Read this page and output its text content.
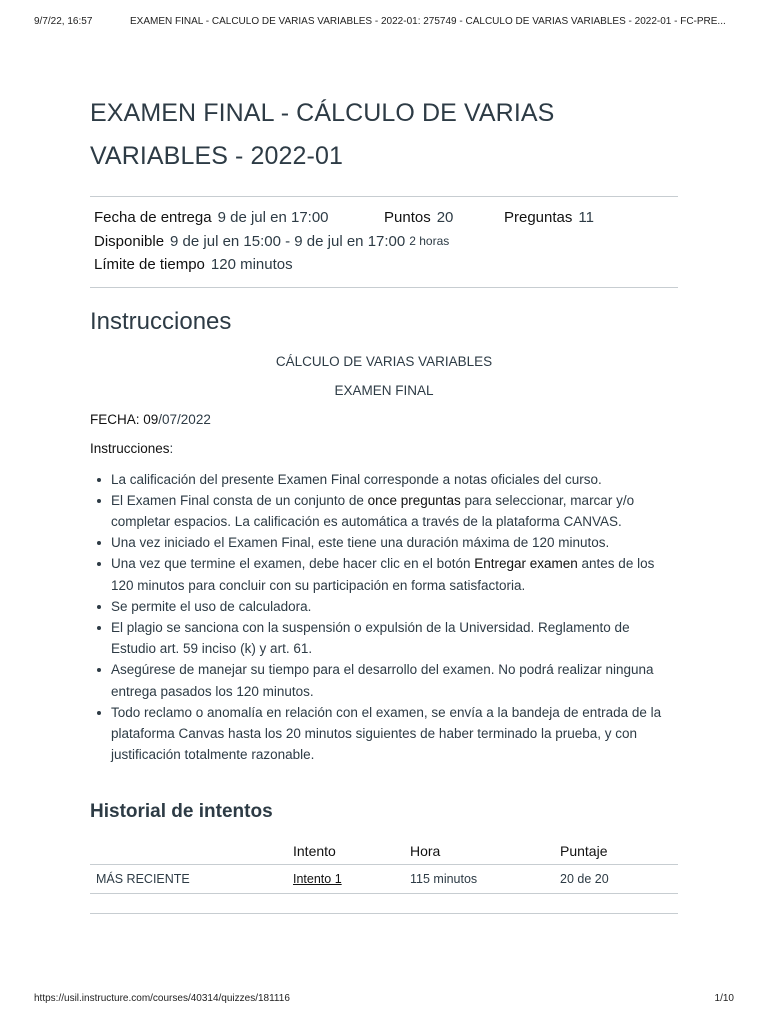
9/7/22, 16:57	EXAMEN FINAL - CÁLCULO DE VARIAS VARIABLES - 2022-01: 275749 - CÁLCULO DE VARIAS VARIABLES - 2022-01 - FC-PRE...
EXAMEN FINAL - CÁLCULO DE VARIAS
VARIABLES - 2022-01
Fecha de entrega 9 de jul en 17:00	Puntos 20	Preguntas 11
Disponible 9 de jul en 15:00 - 9 de jul en 17:00 2 horas
Límite de tiempo 120 minutos
Instrucciones

CÁLCULO DE VARIAS VARIABLES

EXAMEN FINAL

FECHA: 09/07/2022

Instrucciones:

La calificación del presente Examen Final corresponde a notas oficiales del curso.
El Examen Final consta de un conjunto de once preguntas para seleccionar, marcar y/o completar espacios. La calificación es automática a través de la plataforma CANVAS.
Una vez iniciado el Examen Final, este tiene una duración máxima de 120 minutos.
Una vez que termine el examen, debe hacer clic en el botón Entregar examen antes de los 120 minutos para concluir con su participación en forma satisfactoria.
Se permite el uso de calculadora.
El plagio se sanciona con la suspensión o expulsión de la Universidad. Reglamento de Estudio art. 59 inciso (k) y art. 61.
Asegúrese de manejar su tiempo para el desarrollo del examen. No podrá realizar ninguna entrega pasados los 120 minutos.
Todo reclamo o anomalía en relación con el examen, se envía a la bandeja de entrada de la plataforma Canvas hasta los 20 minutos siguientes de haber terminado la prueba, y con justificación totalmente razonable.
Historial de intentos
	Intento	Hora	Puntaje
MÁS RECIENTE	Intento 1	115 minutos	20 de 20
https://usil.instructure.com/courses/40314/quizzes/181116	1/10
